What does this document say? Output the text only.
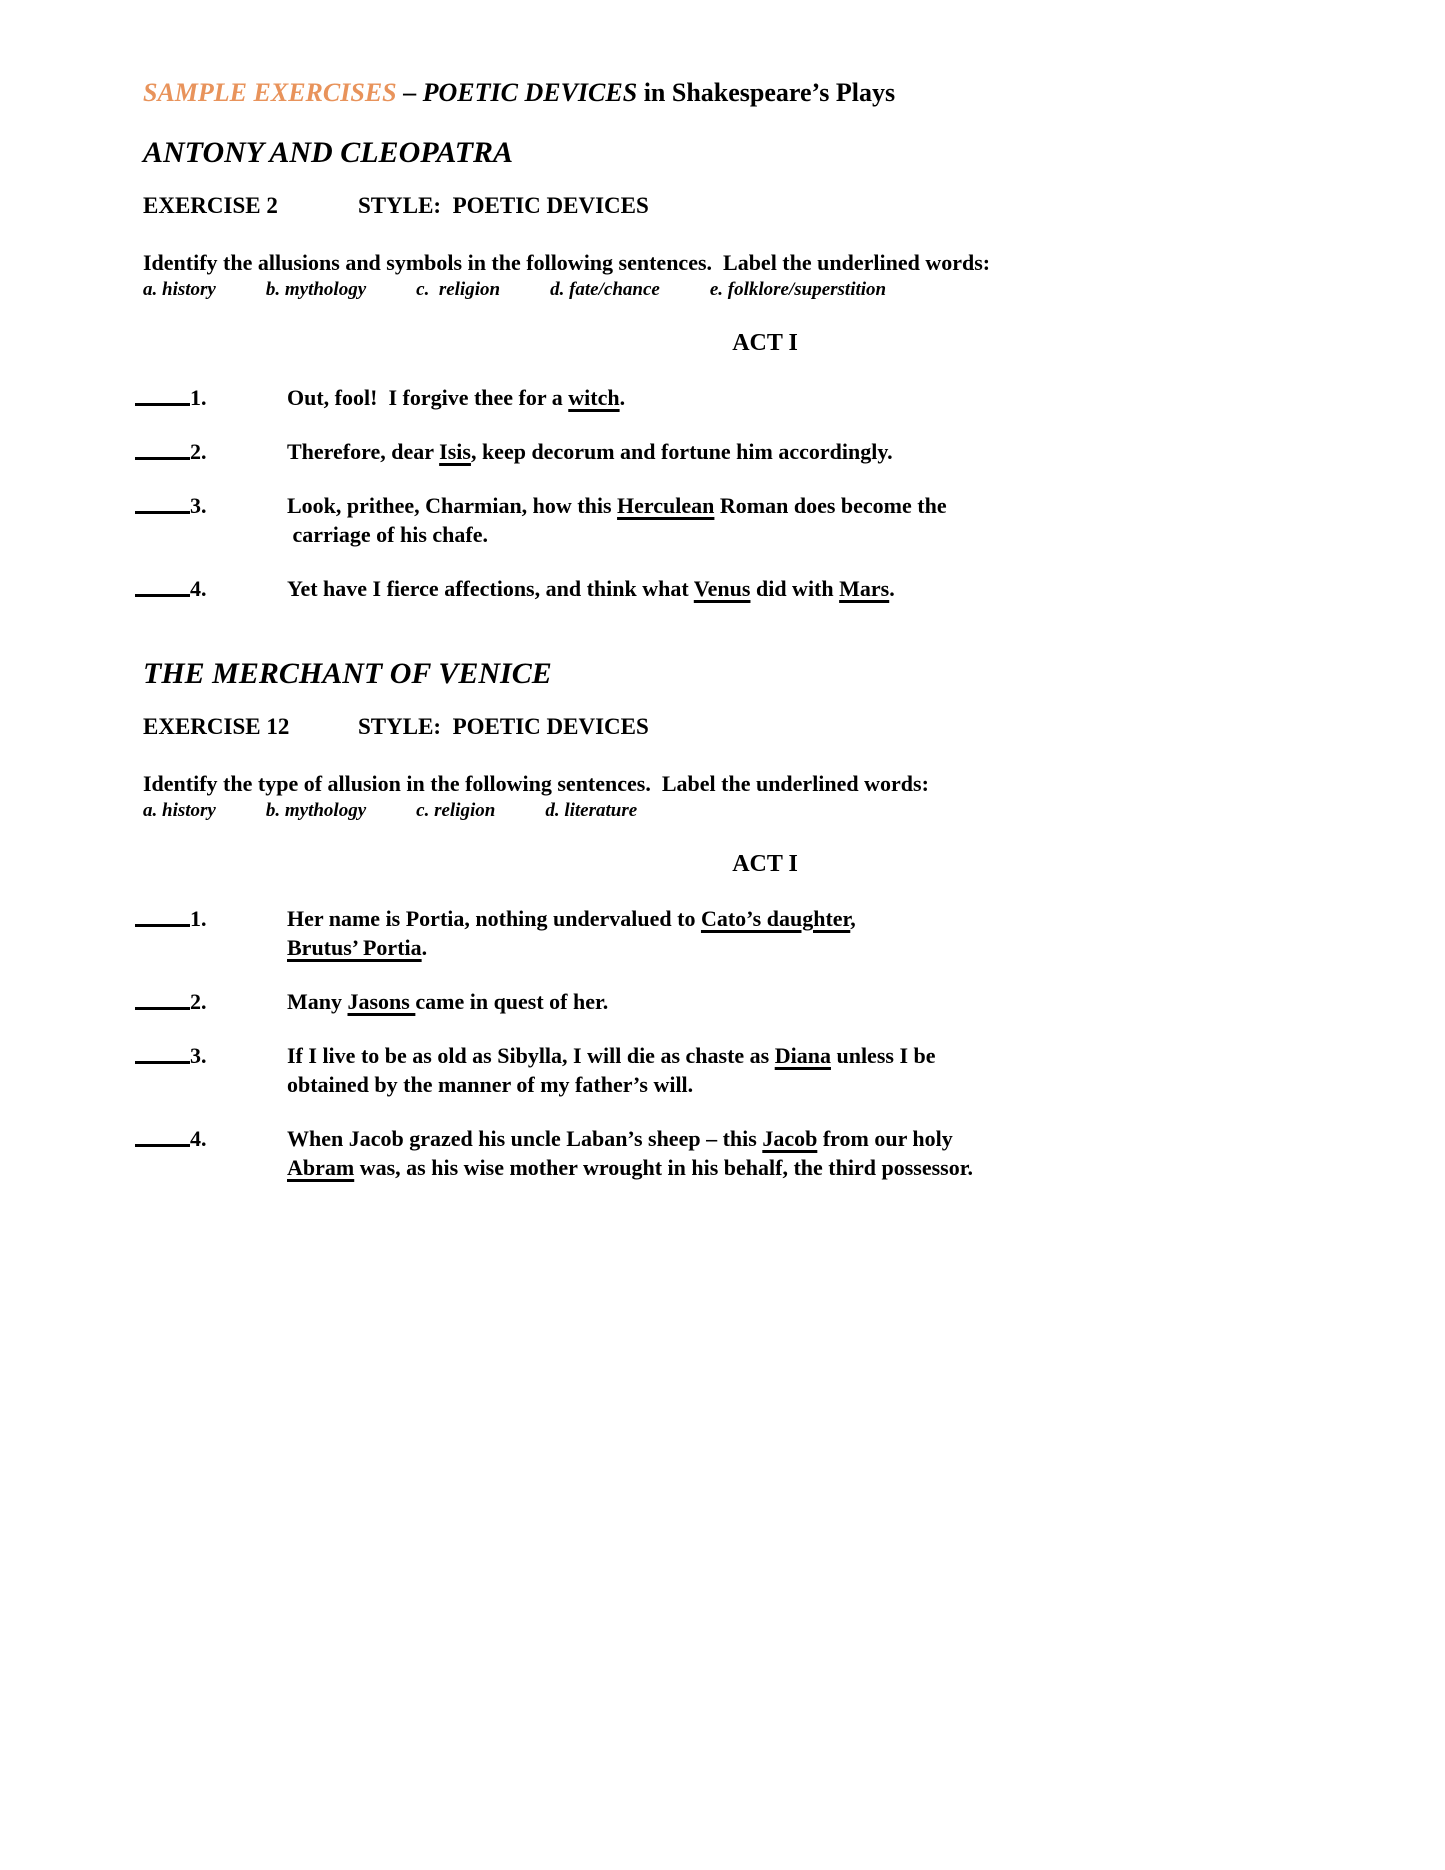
SAMPLE EXERCISES – POETIC DEVICES in Shakespeare’s Plays

ANTONY AND CLEOPATRA

EXERCISE 2	STYLE:  POETIC DEVICES

Identify the allusions and symbols in the following sentences.  Label the underlined words:

a. history	b. mythology	c.  religion	d. fate/chance	e. folklore/superstition

ACT I
1.	Out, fool!  I forgive thee for a witch.
2.	Therefore, dear Isis, keep decorum and fortune him accordingly.
3.	Look, prithee, Charmian, how this Herculean Roman does become the
carriage of his chafe.
4.	Yet have I fierce affections, and think what Venus did with Mars.
THE MERCHANT OF VENICE

EXERCISE 12	STYLE:  POETIC DEVICES

Identify the type of allusion in the following sentences.  Label the underlined words:

a. history	b. mythology	c. religion	d. literature

ACT I
1.	Her name is Portia, nothing undervalued to Cato’s daughter,
Brutus’ Portia.
2.	Many Jasons came in quest of her.
3.	If I live to be as old as Sibylla, I will die as chaste as Diana unless I be
obtained by the manner of my father’s will.
4.	When Jacob grazed his uncle Laban’s sheep – this Jacob from our holy
Abram was, as his wise mother wrought in his behalf, the third possessor.
